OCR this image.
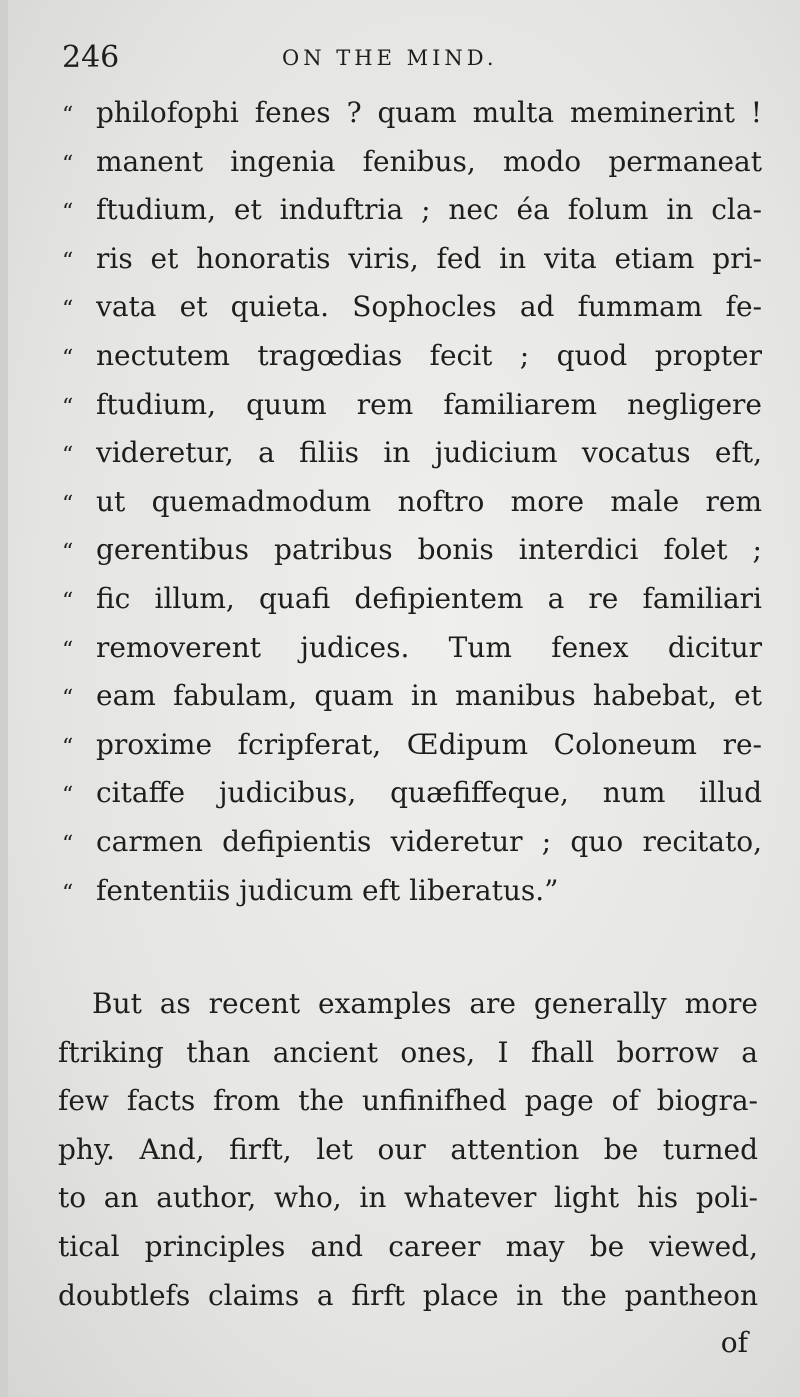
246	ON THE MIND.
“ philofophi fenes ? quam multa meminerint !
“ manent ingenia fenibus, modo permaneat
“ ftudium, et induftria ; nec éa folum in cla-
“ ris et honoratis viris, fed in vita etiam pri-
“ vata et quieta. Sophocles ad fummam fe-
“ nectutem tragœdias fecit ; quod propter
“ ftudium, quum rem familiarem negligere
“ videretur, a filiis in judicium vocatus eft,
“ ut quemadmodum noftro more male rem
“ gerentibus patribus bonis interdici folet ;
“ fic illum, quafi defipientem a re familiari
“ removerent judices. Tum fenex dicitur
“ eam fabulam, quam in manibus habebat, et
“ proxime fcripferat, Œdipum Coloneum re-
“ citaffe judicibus, quæfiffeque, num illud
“ carmen defipientis videretur ; quo recitato,
“ fententiis judicum eft liberatus.”
But as recent examples are generally more
ftriking than ancient ones, I fhall borrow a
few facts from the unfinifhed page of biogra-
phy. And, firft, let our attention be turned
to an author, who, in whatever light his poli-
tical principles and career may be viewed,
doubtlefs claims a firft place in the pantheon
of
